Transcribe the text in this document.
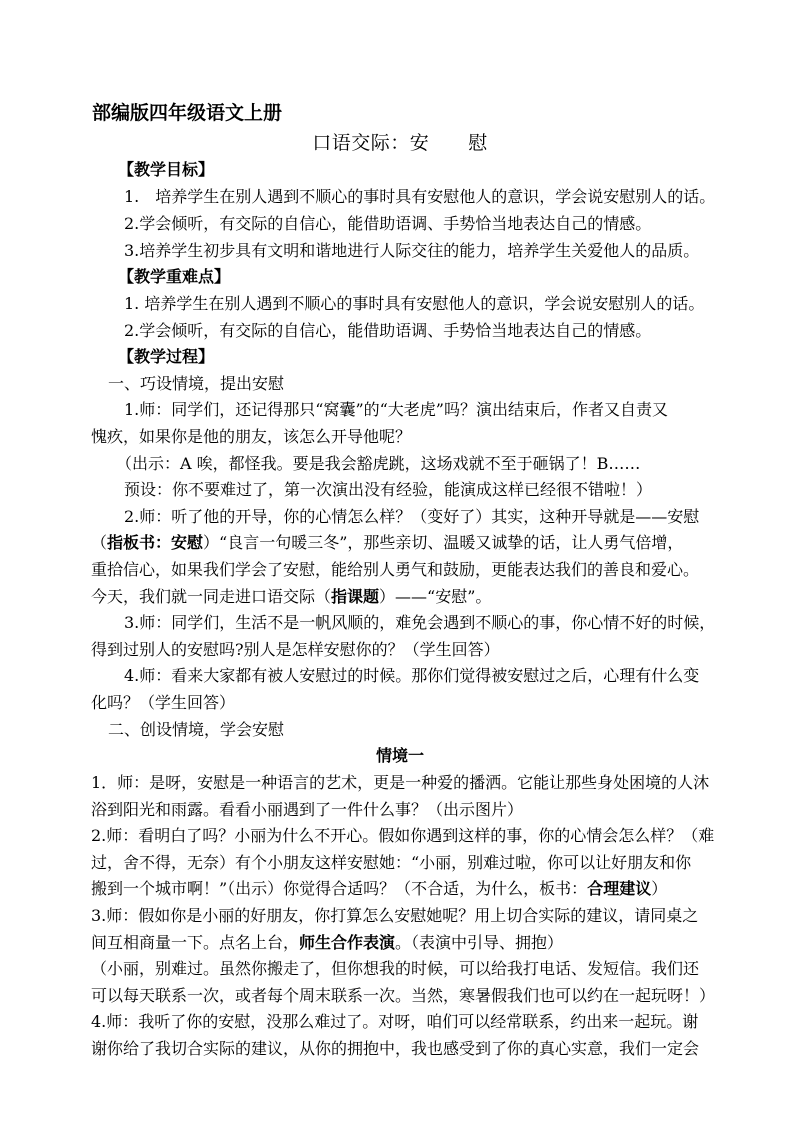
部编版四年级语文上册
口语交际：安　　慰
【教学目标】
1.　培养学生在别人遇到不顺心的事时具有安慰他人的意识，学会说安慰别人的话。
2.学会倾听，有交际的自信心，能借助语调、手势恰当地表达自己的情感。
3.培养学生初步具有文明和谐地进行人际交往的能力，培养学生关爱他人的品质。
【教学重难点】
1. 培养学生在别人遇到不顺心的事时具有安慰他人的意识，学会说安慰别人的话。
2.学会倾听，有交际的自信心，能借助语调、手势恰当地表达自己的情感。
【教学过程】
一、巧设情境，提出安慰
1.师：同学们，还记得那只“窝囊”的“大老虎”吗？演出结束后，作者又自责又
愧疚，如果你是他的朋友，该怎么开导他呢？
（出示：A 唉，都怪我。要是我会豁虎跳，这场戏就不至于砸锅了！B……
预设：你不要难过了，第一次演出没有经验，能演成这样已经很不错啦！）
2.师：听了他的开导，你的心情怎么样？（变好了）其实，这种开导就是——安慰
（指板书：安慰）“良言一句暖三冬”，那些亲切、温暖又诚挚的话，让人勇气倍增，
重拾信心，如果我们学会了安慰，能给别人勇气和鼓励，更能表达我们的善良和爱心。
今天，我们就一同走进口语交际（指课题）——“安慰”。
3.师：同学们，生活不是一帆风顺的，难免会遇到不顺心的事，你心情不好的时候，
得到过别人的安慰吗?别人是怎样安慰你的？（学生回答）
4.师：看来大家都有被人安慰过的时候。那你们觉得被安慰过之后，心理有什么变
化吗？（学生回答）
二、创设情境，学会安慰
情境一
1．师：是呀，安慰是一种语言的艺术，更是一种爱的播洒。它能让那些身处困境的人沐
浴到阳光和雨露。看看小丽遇到了一件什么事？（出示图片）
2.师：看明白了吗？小丽为什么不开心。假如你遇到这样的事，你的心情会怎么样？（难
过，舍不得，无奈）有个小朋友这样安慰她：“小丽，别难过啦，你可以让好朋友和你
搬到一个城市啊！”（出示）你觉得合适吗？（不合适，为什么，板书：合理建议）
3.师：假如你是小丽的好朋友，你打算怎么安慰她呢？用上切合实际的建议，请同桌之
间互相商量一下。点名上台，师生合作表演。（表演中引导、拥抱）
（小丽，别难过。虽然你搬走了，但你想我的时候，可以给我打电话、发短信。我们还
可以每天联系一次，或者每个周末联系一次。当然，寒暑假我们也可以约在一起玩呀！）
4.师：我听了你的安慰，没那么难过了。对呀，咱们可以经常联系，约出来一起玩。谢
谢你给了我切合实际的建议，从你的拥抱中，我也感受到了你的真心实意，我们一定会
